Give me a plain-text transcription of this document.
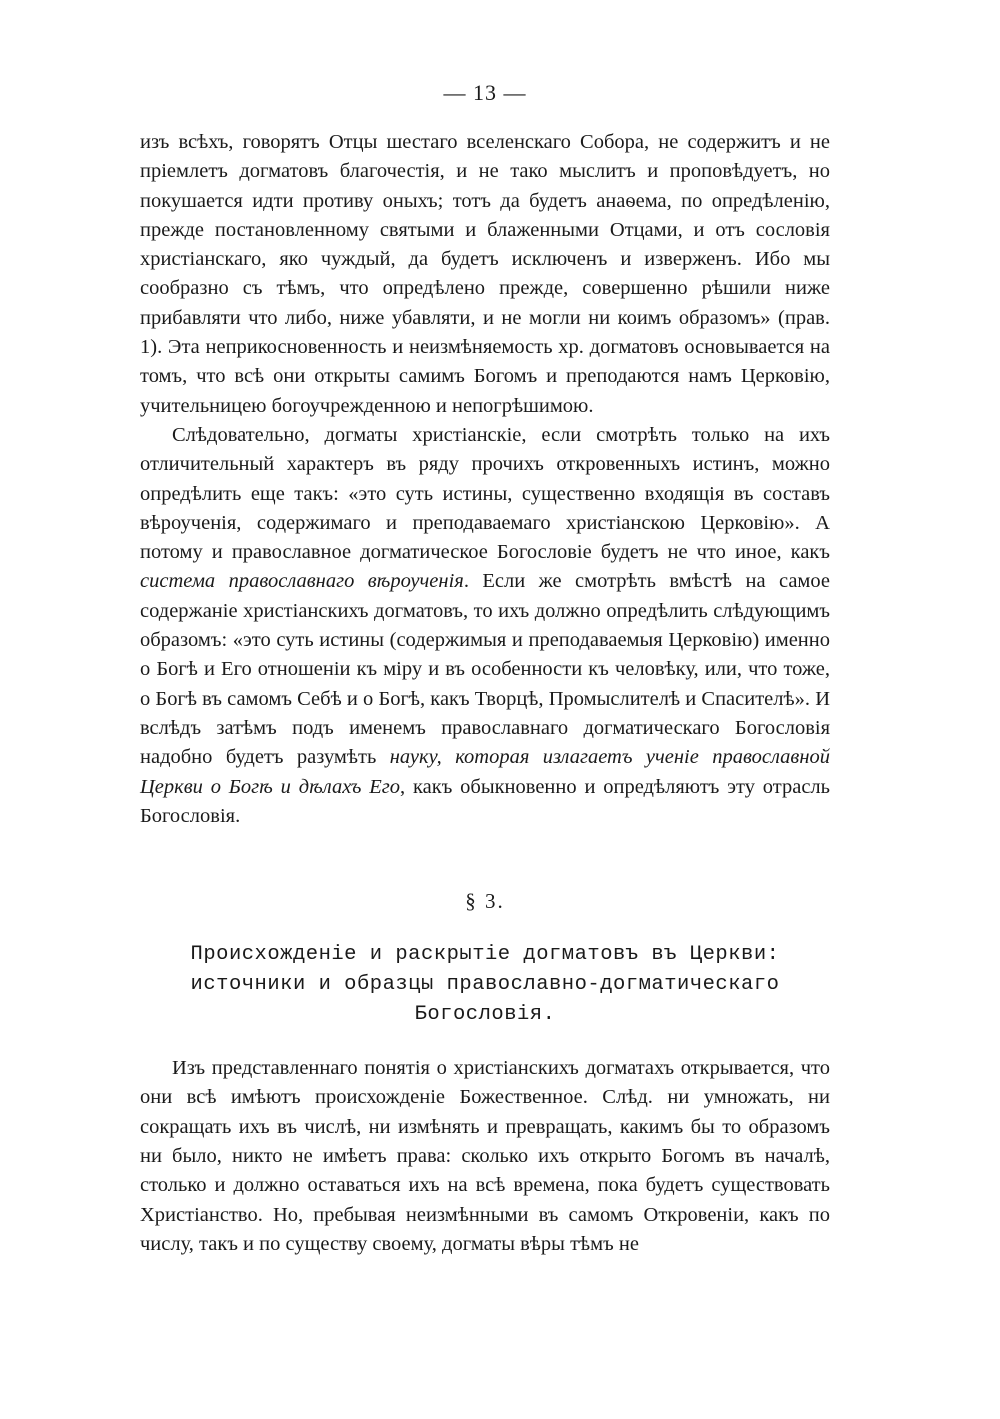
— 13 —

изъ всѣхъ, говорятъ Отцы шестаго вселенскаго Собора, не содержитъ и не пріемлетъ догматовъ благочестія, и не тако мыслитъ и проповѣдуетъ, но покушается идти противу оныхъ; тотъ да будетъ анаѳема, по опредѣленію, прежде постановленному святыми и блаженными Отцами, и отъ сословія христіанскаго, яко чуждый, да будетъ исключенъ и изверженъ. Ибо мы сообразно съ тѣмъ, что опредѣлено прежде, совершенно рѣшили ниже прибавляти что либо, ниже убавляти, и не могли ни коимъ образомъ» (прав. 1). Эта неприкосновенность и неизмѣняемость хр. догматовъ основывается на томъ, что всѣ они открыты самимъ Богомъ и преподаются намъ Церковію, учительницею богоучрежденною и непогрѣшимою.

Слѣдовательно, догматы христіанскіе, если смотрѣть только на ихъ отличительный характеръ въ ряду прочихъ откровенныхъ истинъ, можно опредѣлить еще такъ: «это суть истины, существенно входящія въ составъ вѣроученія, содержимаго и преподаваемаго христіанскою Церковію». А потому и православное догматическое Богословіе будетъ не что иное, какъ система православнаго вѣроученія. Если же смотрѣть вмѣстѣ на самое содержаніе христіанскихъ догматовъ, то ихъ должно опредѣлить слѣдующимъ образомъ: «это суть истины (содержимыя и преподаваемыя Церковію) именно о Богѣ и Его отношеніи къ міру и въ особенности къ человѣку, или, что тоже, о Богѣ въ самомъ Себѣ и о Богѣ, какъ Творцѣ, Промыслителѣ и Спасителѣ». И вслѣдъ затѣмъ подъ именемъ православнаго догматическаго Богословія надобно будетъ разумѣть науку, которая излагаетъ ученіе православной Церкви о Богѣ и дѣлахъ Его, какъ обыкновенно и опредѣляютъ эту отрасль Богословія.

§ 3.

Происхожденіе и раскрытіе догматовъ въ Церкви: источники и образцы православно-догматическаго Богословія.

Изъ представленнаго понятія о христіанскихъ догматахъ открывается, что они всѣ имѣютъ происхожденіе Божественное. Слѣд. ни умножать, ни сокращать ихъ въ числѣ, ни измѣнять и превращать, какимъ бы то образомъ ни было, никто не имѣетъ права: сколько ихъ открыто Богомъ въ началѣ, столько и должно оставаться ихъ на всѣ времена, пока будетъ существовать Христіанство. Но, пребывая неизмѣнными въ самомъ Откровеніи, какъ по числу, такъ и по существу своему, догматы вѣры тѣмъ не
